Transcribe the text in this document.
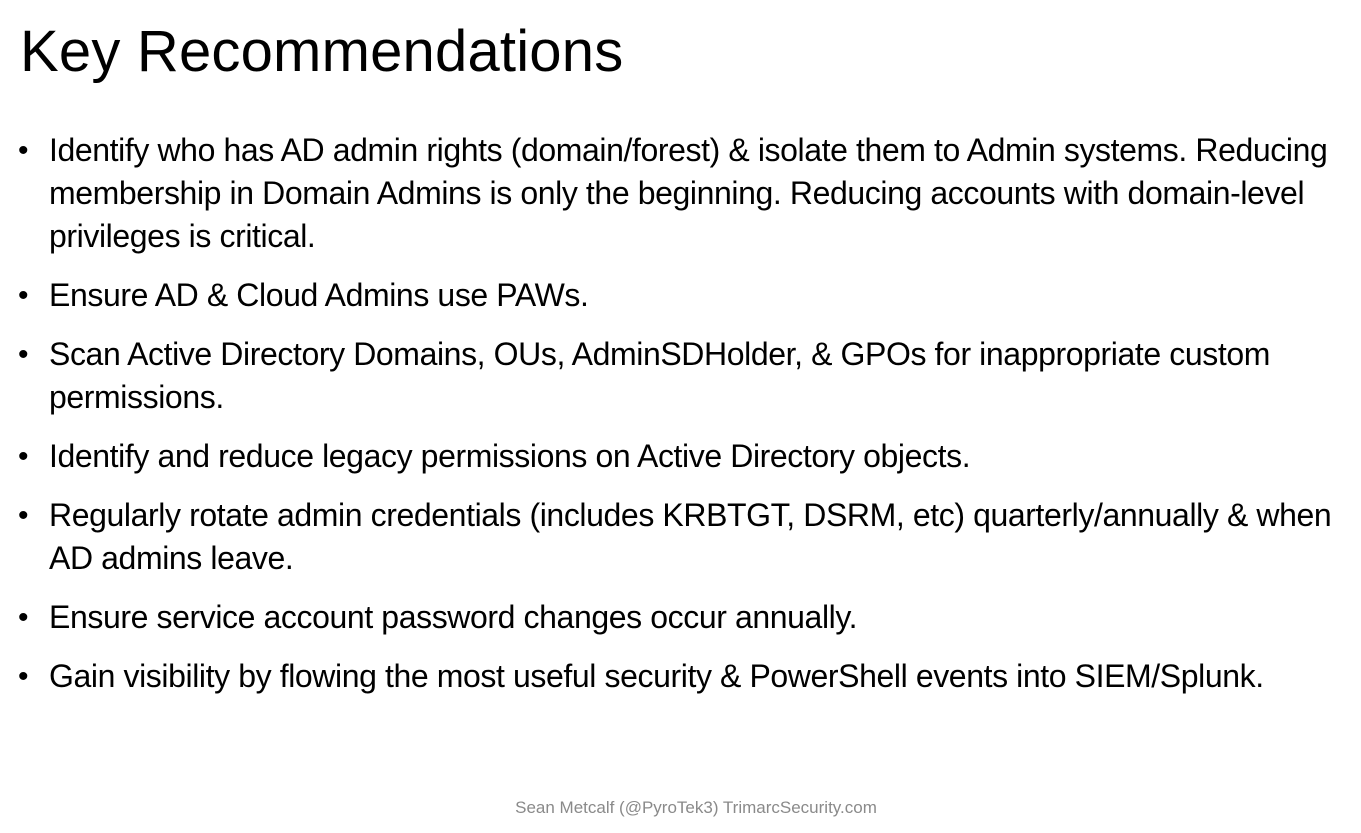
Key Recommendations
• Identify who has AD admin rights (domain/forest) & isolate them to Admin systems. Reducing membership in Domain Admins is only the beginning. Reducing accounts with domain-level privileges is critical.
• Ensure AD & Cloud Admins use PAWs.
• Scan Active Directory Domains, OUs, AdminSDHolder, & GPOs for inappropriate custom permissions.
• Identify and reduce legacy permissions on Active Directory objects.
• Regularly rotate admin credentials (includes KRBTGT, DSRM, etc) quarterly/annually & when AD admins leave.
• Ensure service account password changes occur annually.
• Gain visibility by flowing the most useful security & PowerShell events into SIEM/Splunk.
Sean Metcalf (@PyroTek3) TrimarcSecurity.com
